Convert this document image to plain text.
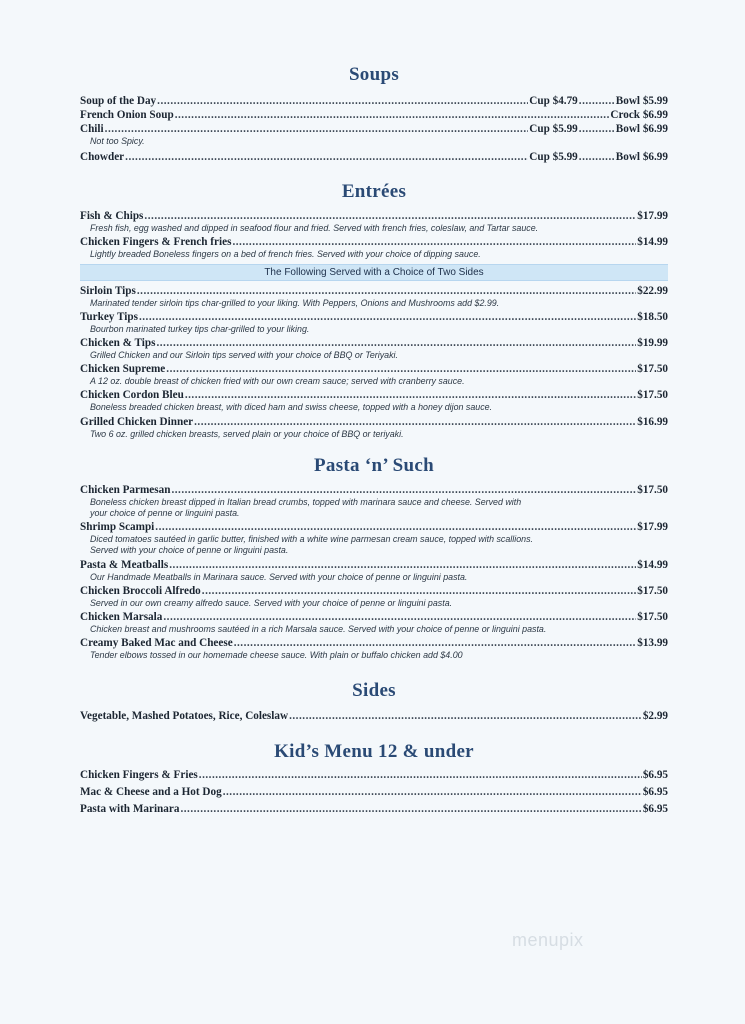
Soups
Soup of the Day .....	Cup $4.79 .....	Bowl $5.99
French Onion Soup .....	Crock $6.99
Chili .....	Cup $5.99 .....	Bowl $6.99
Not too Spicy.
Chowder .....	Cup $5.99 .....	Bowl $6.99
Entrées
Fish & Chips .....	$17.99
Fresh fish, egg washed and dipped in seafood flour and fried. Served with french fries, coleslaw, and Tartar sauce.
Chicken Fingers & French fries .....	$14.99
Lightly breaded Boneless fingers on a bed of french fries. Served with your choice of dipping sauce.
The Following Served with a Choice of Two Sides
Sirloin Tips .....	$22.99
Marinated tender sirloin tips char-grilled to your liking. With Peppers, Onions and Mushrooms add $2.99.
Turkey Tips .....	$18.50
Bourbon marinated turkey tips char-grilled to your liking.
Chicken & Tips .....	$19.99
Grilled Chicken and our Sirloin tips served with your choice of BBQ or Teriyaki.
Chicken Supreme .....	$17.50
A 12 oz. double breast of chicken fried with our own cream sauce; served with cranberry sauce.
Chicken Cordon Bleu .....	$17.50
Boneless breaded chicken breast, with diced ham and swiss cheese, topped with a honey dijon sauce.
Grilled Chicken Dinner .....	$16.99
Two 6 oz. grilled chicken breasts, served plain or your choice of BBQ or teriyaki.
Pasta ‘n’ Such
Chicken Parmesan .....	$17.50
Boneless chicken breast dipped in Italian bread crumbs, topped with marinara sauce and cheese. Served with
your choice of penne or linguini pasta.
Shrimp Scampi .....	$17.99
Diced tomatoes sautéed in garlic butter, finished with a white wine parmesan cream sauce, topped with scallions.
Served with your choice of penne or linguini pasta.
Pasta & Meatballs .....	$14.99
Our Handmade Meatballs in Marinara sauce. Served with your choice of penne or linguini pasta.
Chicken Broccoli Alfredo .....	$17.50
Served in our own creamy alfredo sauce. Served with your choice of penne or linguini pasta.
Chicken Marsala .....	$17.50
Chicken breast and mushrooms sautéed in a rich Marsala sauce. Served with your choice of penne or linguini pasta.
Creamy Baked Mac and Cheese .....	$13.99
Tender elbows tossed in our homemade cheese sauce. With plain or buffalo chicken add $4.00
Sides
Vegetable, Mashed Potatoes, Rice, Coleslaw .....	$2.99
Kid’s Menu 12 & under
Chicken Fingers & Fries .....	$6.95
Mac & Cheese and a Hot Dog .....	$6.95
Pasta with Marinara .....	$6.95
menupix
